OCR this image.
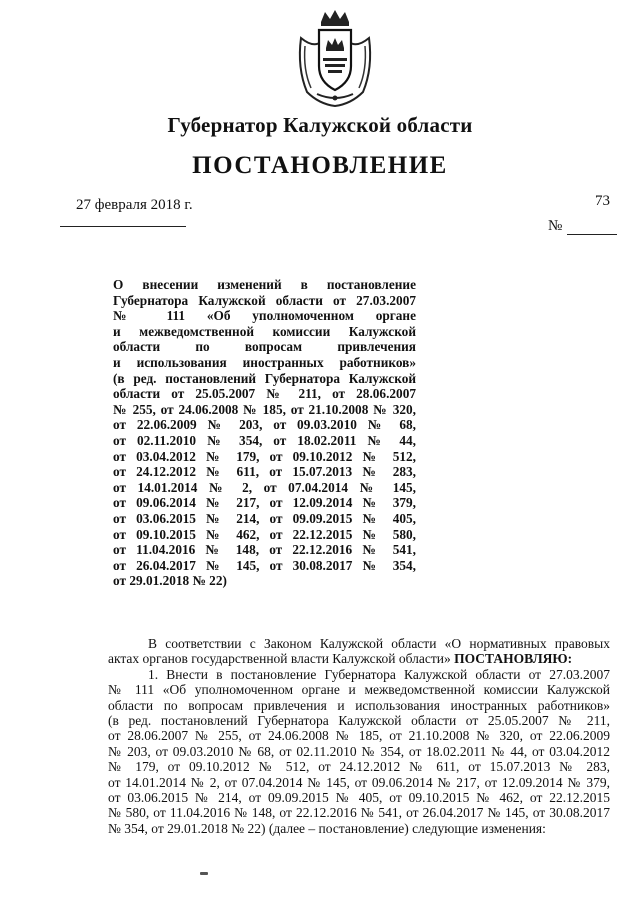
Губернатор Калужской области
ПОСТАНОВЛЕНИЕ
27 февраля 2018 г.	73
№
О внесении изменений в постановление
Губернатора Калужской области от 27.03.2007
№ 111 «Об уполномоченном органе
и межведомственной комиссии Калужской
области по вопросам привлечения
и использования иностранных работников»
(в ред. постановлений Губернатора Калужской
области от 25.05.2007 № 211, от 28.06.2007
№ 255, от 24.06.2008 № 185, от 21.10.2008 № 320,
от 22.06.2009 № 203, от 09.03.2010 № 68,
от 02.11.2010 № 354, от 18.02.2011 № 44,
от 03.04.2012 № 179, от 09.10.2012 № 512,
от 24.12.2012 № 611, от 15.07.2013 № 283,
от 14.01.2014 № 2, от 07.04.2014 № 145,
от 09.06.2014 № 217, от 12.09.2014 № 379,
от 03.06.2015 № 214, от 09.09.2015 № 405,
от 09.10.2015 № 462, от 22.12.2015 № 580,
от 11.04.2016 № 148, от 22.12.2016 № 541,
от 26.04.2017 № 145, от 30.08.2017 № 354,
от 29.01.2018 № 22)
В соответствии с Законом Калужской области «О нормативных правовых
актах органов государственной власти Калужской области» ПОСТАНОВЛЯЮ:
1. Внести в постановление Губернатора Калужской области от 27.03.2007
№ 111 «Об уполномоченном органе и межведомственной комиссии Калужской
области по вопросам привлечения и использования иностранных работников»
(в ред. постановлений Губернатора Калужской области от 25.05.2007 № 211,
от 28.06.2007 № 255, от 24.06.2008 № 185, от 21.10.2008 № 320, от 22.06.2009
№ 203, от 09.03.2010 № 68, от 02.11.2010 № 354, от 18.02.2011 № 44, от 03.04.2012
№ 179, от 09.10.2012 № 512, от 24.12.2012 № 611, от 15.07.2013 № 283,
от 14.01.2014 № 2, от 07.04.2014 № 145, от 09.06.2014 № 217, от 12.09.2014 № 379,
от 03.06.2015 № 214, от 09.09.2015 № 405, от 09.10.2015 № 462, от 22.12.2015
№ 580, от 11.04.2016 № 148, от 22.12.2016 № 541, от 26.04.2017 № 145, от 30.08.2017
№ 354, от 29.01.2018 № 22) (далее – постановление) следующие изменения:
